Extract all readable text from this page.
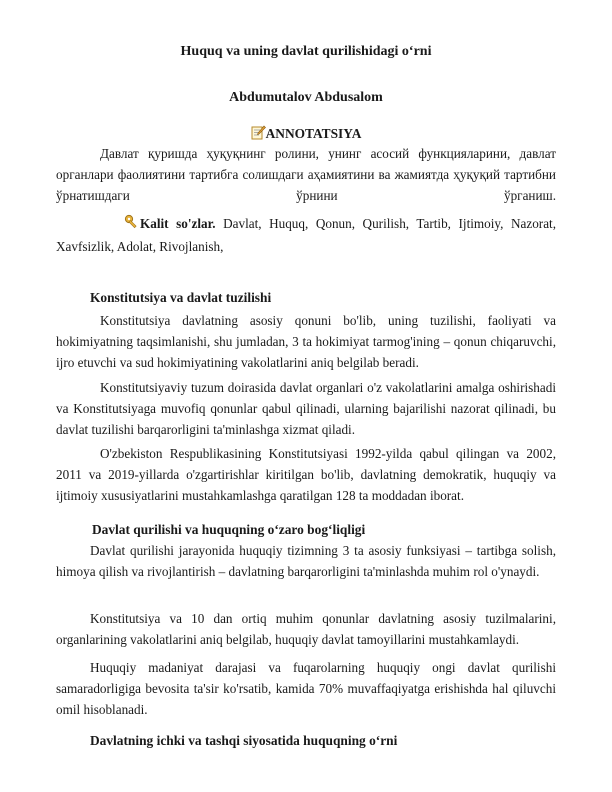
Huquq va uning davlat qurilishidagi o‘rni
Abdumutalov Abdusalom
ANNOTATSIYA
Давлат қуришда ҳуқуқнинг ролини, унинг асосий функцияларини, давлат органлари фаолиятини тартибга солишдаги аҳамиятини ва жамиятда ҳуқуқий тартибни ўрнатишдаги ўрнини ўрганиш.
Kalit so'zlar. Davlat, Huquq, Qonun, Qurilish, Tartib, Ijtimoiy, Nazorat, Xavfsizlik, Adolat, Rivojlanish,
Konstitutsiya va davlat tuzilishi
Konstitutsiya davlatning asosiy qonuni bo'lib, uning tuzilishi, faoliyati va hokimiyatning taqsimlanishi, shu jumladan, 3 ta hokimiyat tarmog'ining – qonun chiqaruvchi, ijro etuvchi va sud hokimiyatining vakolatlarini aniq belgilab beradi.
Konstitutsiyaviy tuzum doirasida davlat organlari o'z vakolatlarini amalga oshirishadi va Konstitutsiyaga muvofiq qonunlar qabul qilinadi, ularning bajarilishi nazorat qilinadi, bu davlat tuzilishi barqarorligini ta'minlashga xizmat qiladi.
O'zbekiston Respublikasining Konstitutsiyasi 1992-yilda qabul qilingan va 2002, 2011 va 2019-yillarda o'zgartirishlar kiritilgan bo'lib, davlatning demokratik, huquqiy va ijtimoiy xususiyatlarini mustahkamlashga qaratilgan 128 ta moddadan iborat.
Davlat qurilishi va huquqning o‘zaro bog‘liqligi
Davlat qurilishi jarayonida huquqiy tizimning 3 ta asosiy funksiyasi – tartibga solish, himoya qilish va rivojlantirish – davlatning barqarorligini ta'minlashda muhim rol o'ynaydi.
Konstitutsiya va 10 dan ortiq muhim qonunlar davlatning asosiy tuzilmalarini, organlarining vakolatlarini aniq belgilab, huquqiy davlat tamoyillarini mustahkamlaydi.
Huquqiy madaniyat darajasi va fuqarolarning huquqiy ongi davlat qurilishi samaradorligiga bevosita ta'sir ko'rsatib, kamida 70% muvaffaqiyatga erishishda hal qiluvchi omil hisoblanadi.
Davlatning ichki va tashqi siyosatida huquqning o‘rni
